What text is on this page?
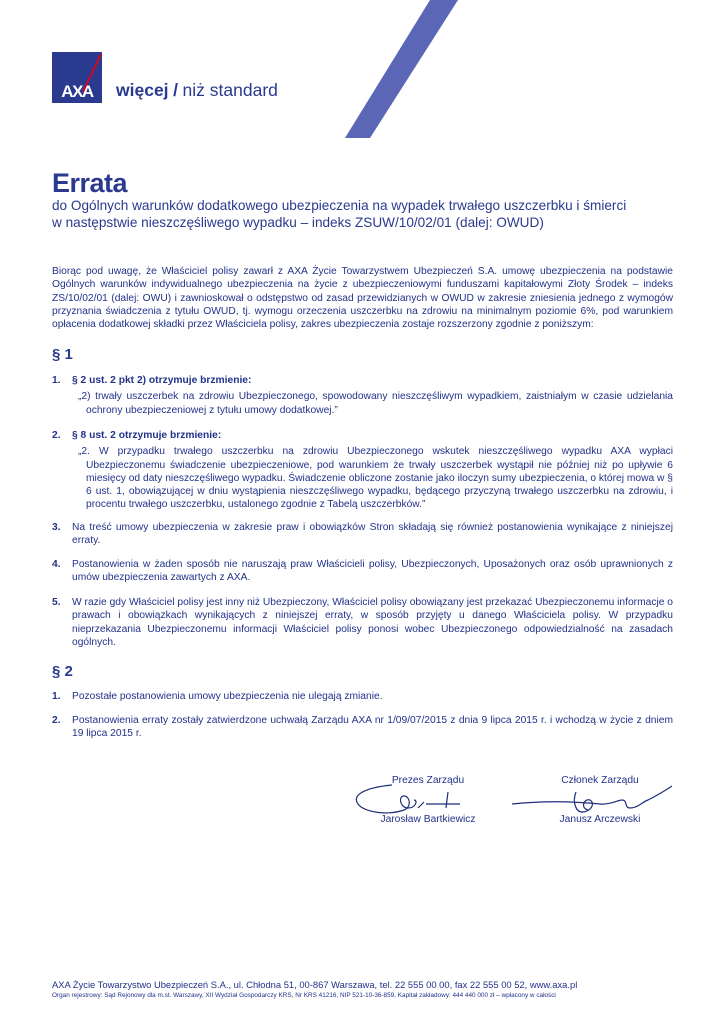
AXA więcej / niż standard
Errata
do Ogólnych warunków dodatkowego ubezpieczenia na wypadek trwałego uszczerbku i śmierci
w następstwie nieszczęśliwego wypadku – indeks ZSUW/10/02/01 (dalej: OWUD)
Biorąc pod uwagę, że Właściciel polisy zawarł z AXA Życie Towarzystwem Ubezpieczeń S.A. umowę ubezpieczenia na podstawie Ogólnych warunków indywidualnego ubezpieczenia na życie z ubezpieczeniowymi funduszami kapitałowymi Złoty Środek – indeks ZS/10/02/01 (dalej: OWU) i zawnioskował o odstępstwo od zasad przewidzianych w OWUD w zakresie zniesienia jednego z wymogów przyznania świadczenia z tytułu OWUD, tj. wymogu orzeczenia uszczerbku na zdrowiu na minimalnym poziomie 6%, pod warunkiem opłacenia dodatkowej składki przez Właściciela polisy, zakres ubezpieczenia zostaje rozszerzony zgodnie z poniższym:
§ 1
1. § 2 ust. 2 pkt 2) otrzymuje brzmienie:
„2) trwały uszczerbek na zdrowiu Ubezpieczonego, spowodowany nieszczęśliwym wypadkiem, zaistniałym w czasie udzielania ochrony ubezpieczeniowej z tytułu umowy dodatkowej.”
2. § 8 ust. 2 otrzymuje brzmienie:
„2. W przypadku trwałego uszczerbku na zdrowiu Ubezpieczonego wskutek nieszczęśliwego wypadku AXA wypłaci Ubezpieczonemu świadczenie ubezpieczeniowe, pod warunkiem że trwały uszczerbek wystąpił nie później niż po upływie 6 miesięcy od daty nieszczęśliwego wypadku. Świadczenie obliczone zostanie jako iloczyn sumy ubezpieczenia, o której mowa w § 6 ust. 1, obowiązującej w dniu wystąpienia nieszczęśliwego wypadku, będącego przyczyną trwałego uszczerbku na zdrowiu, i procentu trwałego uszczerbku, ustalonego zgodnie z Tabelą uszczerbków.”
3. Na treść umowy ubezpieczenia w zakresie praw i obowiązków Stron składają się również postanowienia wynikające z niniejszej erraty.
4. Postanowienia w żaden sposób nie naruszają praw Właścicieli polisy, Ubezpieczonych, Uposażonych oraz osób uprawnionych z umów ubezpieczenia zawartych z AXA.
5. W razie gdy Właściciel polisy jest inny niż Ubezpieczony, Właściciel polisy obowiązany jest przekazać Ubezpieczonemu informacje o prawach i obowiązkach wynikających z niniejszej erraty, w sposób przyjęty u danego Właściciela polisy. W przypadku nieprzekazania Ubezpieczonemu informacji Właściciel polisy ponosi wobec Ubezpieczonego odpowiedzialność na zasadach ogólnych.
§ 2
1. Pozostałe postanowienia umowy ubezpieczenia nie ulegają zmianie.
2. Postanowienia erraty zostały zatwierdzone uchwałą Zarządu AXA nr 1/09/07/2015 z dnia 9 lipca 2015 r. i wchodzą w życie z dniem 19 lipca 2015 r.
Prezes Zarządu
Jarosław Bartkiewicz
Członek Zarządu
Janusz Arczewski
AXA Życie Towarzystwo Ubezpieczeń S.A., ul. Chłodna 51, 00-867 Warszawa, tel. 22 555 00 00, fax 22 555 00 52, www.axa.pl
Organ rejestrowy: Sąd Rejonowy dla m.st. Warszawy, XII Wydział Gospodarczy KRS, Nr KRS 41216, NIP 521-10-36-859, Kapitał zakładowy: 444 440 000 zł – wpłacony w całości
